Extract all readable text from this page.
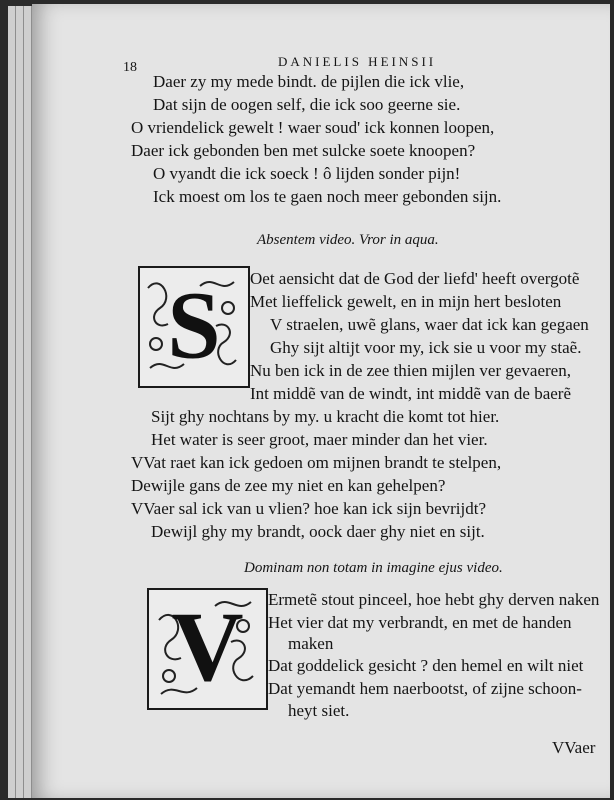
18	DANIELIS HEINSII
Daer zy my mede bindt. de pijlen die ick vlie,
Dat sijn de oogen self, die ick soo geerne sie.
O vriendelick gewelt ! waer soud' ick konnen loopen,
Daer ick gebonden ben met sulcke soete knoopen?
O vyandt die ick soeck ! ô lijden sonder pijn!
Ick moest om los te gaen noch meer gebonden sijn.
Absentem video. Vror in aqua.
S	Oet aensicht dat de God der liefd' heeft overgotẽ
Met lieffelick gewelt, en in mijn hert besloten
V straelen, uwẽ glans, waer dat ick kan gegaen
Ghy sijt altijt voor my, ick sie u voor my staẽ.
Nu ben ick in de zee thien mijlen ver gevaeren,
Int middẽ van de windt, int middẽ van de baerẽ
Sijt ghy nochtans by my. u kracht die komt tot hier.
Het water is seer groot, maer minder dan het vier.
VVat raet kan ick gedoen om mijnen brandt te stelpen,
Dewijle gans de zee my niet en kan gehelpen?
VVaer sal ick van u vlien? hoe kan ick sijn bevrijdt?
Dewijl ghy my brandt, oock daer ghy niet en sijt.
Dominam non totam in imagine ejus video.
V	Ermetẽ stout pinceel, hoe hebt ghy derven naken
Het vier dat my verbrandt, en met de handen
maken
Dat goddelick gesicht ? den hemel en wilt niet
Dat yemandt hem naerbootst, of zijne schoon-
heyt siet.
VVaer
